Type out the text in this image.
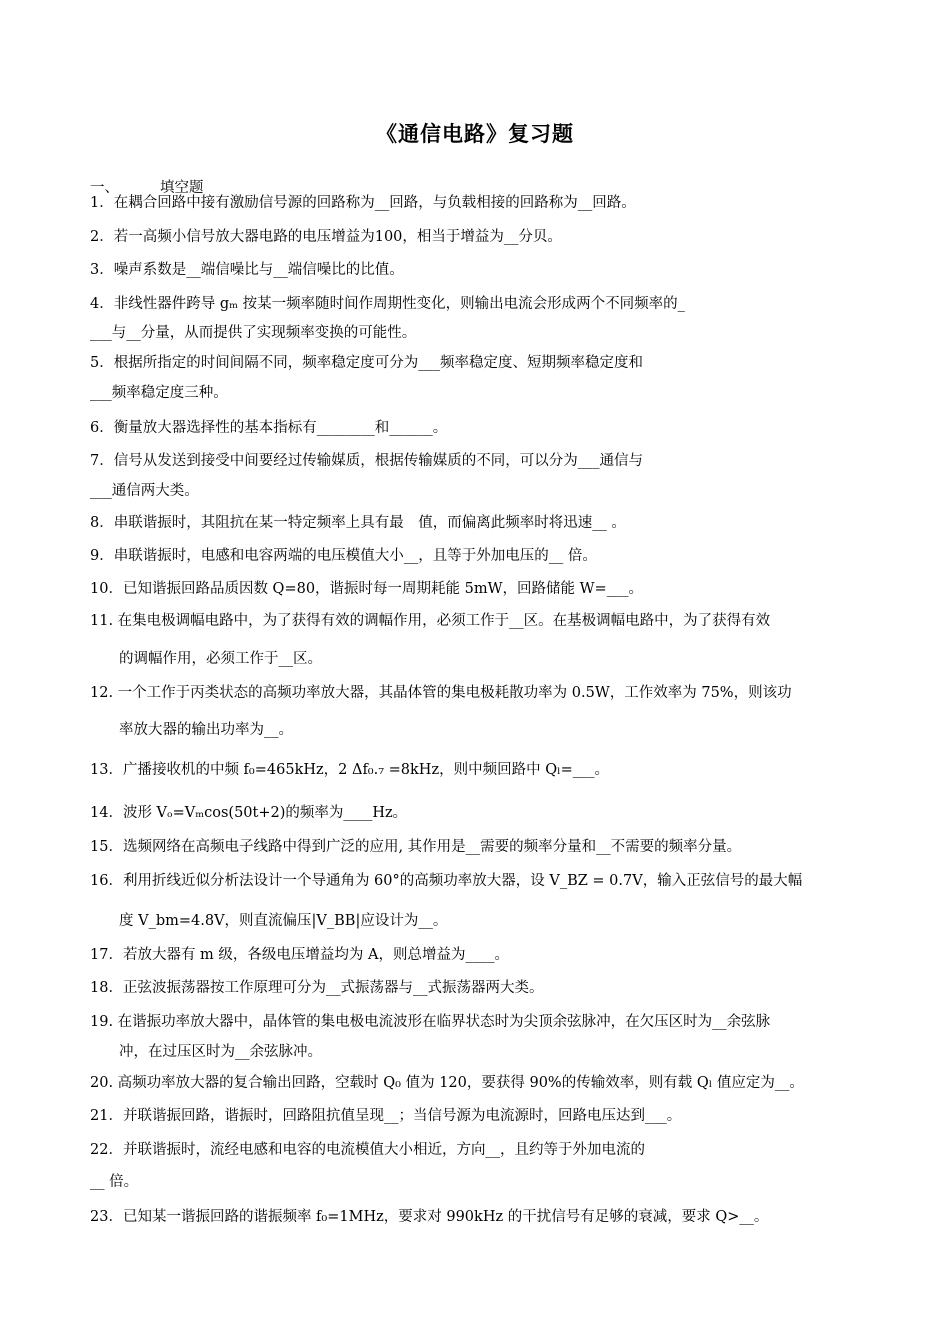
《通信电路》复习题
一、	填空题
1．在耦合回路中接有激励信号源的回路称为__回路，与负载相接的回路称为__回路。
2．若一高频小信号放大器电路的电压增益为100，相当于增益为__分贝。
3．噪声系数是__端信噪比与__端信噪比的比值。
4．非线性器件跨导 gₘ 按某一频率随时间作周期性变化，则输出电流会形成两个不同频率的_
___与__分量，从而提供了实现频率变换的可能性。
5．根据所指定的时间间隔不同，频率稳定度可分为___频率稳定度、短期频率稳定度和
___频率稳定度三种。
6．衡量放大器选择性的基本指标有________和______。
7．信号从发送到接受中间要经过传输媒质，根据传输媒质的不同，可以分为___通信与
___通信两大类。
8．串联谐振时，其阻抗在某一特定频率上具有最　值，而偏离此频率时将迅速__ 。
9．串联谐振时，电感和电容两端的电压模值大小__，且等于外加电压的__ 倍。
10．已知谐振回路品质因数 Q=80，谐振时每一周期耗能 5mW，回路储能 W=___。
11. 在集电极调幅电路中，为了获得有效的调幅作用，必须工作于__区。在基极调幅电路中，为了获得有效
的调幅作用，必须工作于__区。
12. 一个工作于丙类状态的高频功率放大器，其晶体管的集电极耗散功率为 0.5W，工作效率为 75%，则该功
率放大器的输出功率为__。
13．广播接收机的中频 f₀=465kHz，2 Δf₀.₇ =8kHz，则中频回路中 Qₗ=___。
14．波形 Vₒ=Vₘcos(50t+2)的频率为____Hz。
15．选频网络在高频电子线路中得到广泛的应用, 其作用是__需要的频率分量和__不需要的频率分量。
16．利用折线近似分析法设计一个导通角为 60°的高频功率放大器，设 V_BZ = 0.7V，输入正弦信号的最大幅
度 V_bm=4.8V，则直流偏压|V_BB|应设计为__。
17．若放大器有 m 级，各级电压增益均为 A，则总增益为____。
18．正弦波振荡器按工作原理可分为__式振荡器与__式振荡器两大类。
19. 在谐振功率放大器中，晶体管的集电极电流波形在临界状态时为尖顶余弦脉冲，在欠压区时为__余弦脉
冲，在过压区时为__余弦脉冲。
20. 高频功率放大器的复合输出回路，空载时 Q₀ 值为 120，要获得 90%的传输效率，则有载 Qₗ 值应定为__。
21．并联谐振回路，谐振时，回路阻抗值呈现__；当信号源为电流源时，回路电压达到___。
22．并联谐振时，流经电感和电容的电流模值大小相近，方向__，且约等于外加电流的
__ 倍。
23．已知某一谐振回路的谐振频率 f₀=1MHz，要求对 990kHz 的干扰信号有足够的衰减，要求 Q>__。
